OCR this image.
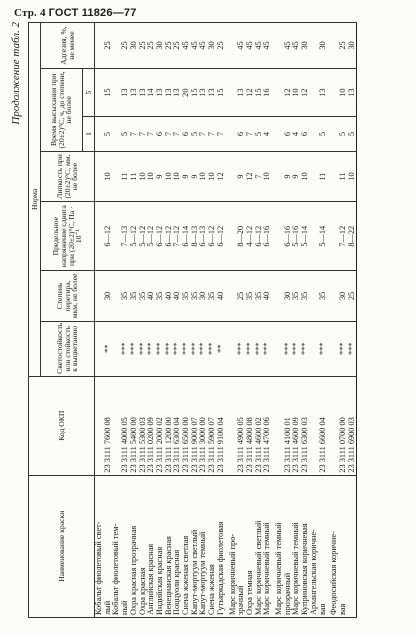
Стр. 4 ГОСТ 11826—77
Продолжение табл. 2
Наименование краски	Код ОКП	Норма						
		Светостойкость или стойкость к выцветанию	Степень перетира, мкм, не более	Предельное напряжение сдвига при (20±2)°С, Па · 10⁻¹	Липкость при (20±2)°С, мм, не более	Время высыхания при (20±2)°С, ч, до степени, не более		Адгезия, %, не менее
						1	5	
Кобальт фиолетовый свет-								
лый	23 3111 7600 08	**	30	6—12	10	5	15	25
Кобальт фиолетовый тем-								
ный	23 3111 4000 05	***	35	7—13	11	5	13	25
Охра красная прозрачная	23 3111 5400 00	***	35	5—12	11	7	13	30
Охра красная	23 3111 5300 03	***	35	5—12	10	7	13	25
Английская красная	23 3111 0200 09	***	40	5—12	10	7	14	25
Индийская красная	23 3111 2000 02	***	35	6—12	9	6	13	30
Венецианская красная	23 3111 1200 00	***	40	6—12	10	7	13	25
Поццуоли красная	23 3111 6300 04	***	40	7—12	10	7	13	25
Сиена жженая светлая	23 3111 6500 00	***	35	6—14	9	6	20	45
Капут-мортуум светлый	23 3111 9000 07	***	35	8—13	9	5	15	45
Капут-мортуум темный	23 3111 3000 00	***	30	6—13	10	7	13	45
Сиена жженая	23 3111 5900 07	***	35	6—12	10	7	13	30
Гутьяркадская фиолетовая	23 3111 9100 04	**	40	6—12	12	7	15	25

Марс коричневый про-								
зрачный	23 3111 4900 05	***	25	8—20	9	6	13	45
Охра темная	23 3111 4800 08	***	35	4—12	12	7	12	45
Марс коричневый светлый	23 3111 4600 02	***	35	6—12	7	5	15	45
Марс коричневый темный	23 3111 4700 06	***	40	6—16	10	4	16	45

Марс коричневый темный								
прозрачный	23 3111 4100 01	***	30	6—16	9	6	12	45
Марс коричневый темный	23 3111 4600 09	***	35	5—16	9	4	10	45
Куприновская коричневая	23 3111 6300 03	***	35	5—14	10	6	12	30
Архангельская коричне-								
вая	23 3111 6600 04	***	35	5—14	11	5	13	30

Феодосийская коричне-								
вая	23 3111 0700 00	***	30	7—12	11	5	10	25
	23 3111 6900 03	***	25	8—22	10	5	13	30
